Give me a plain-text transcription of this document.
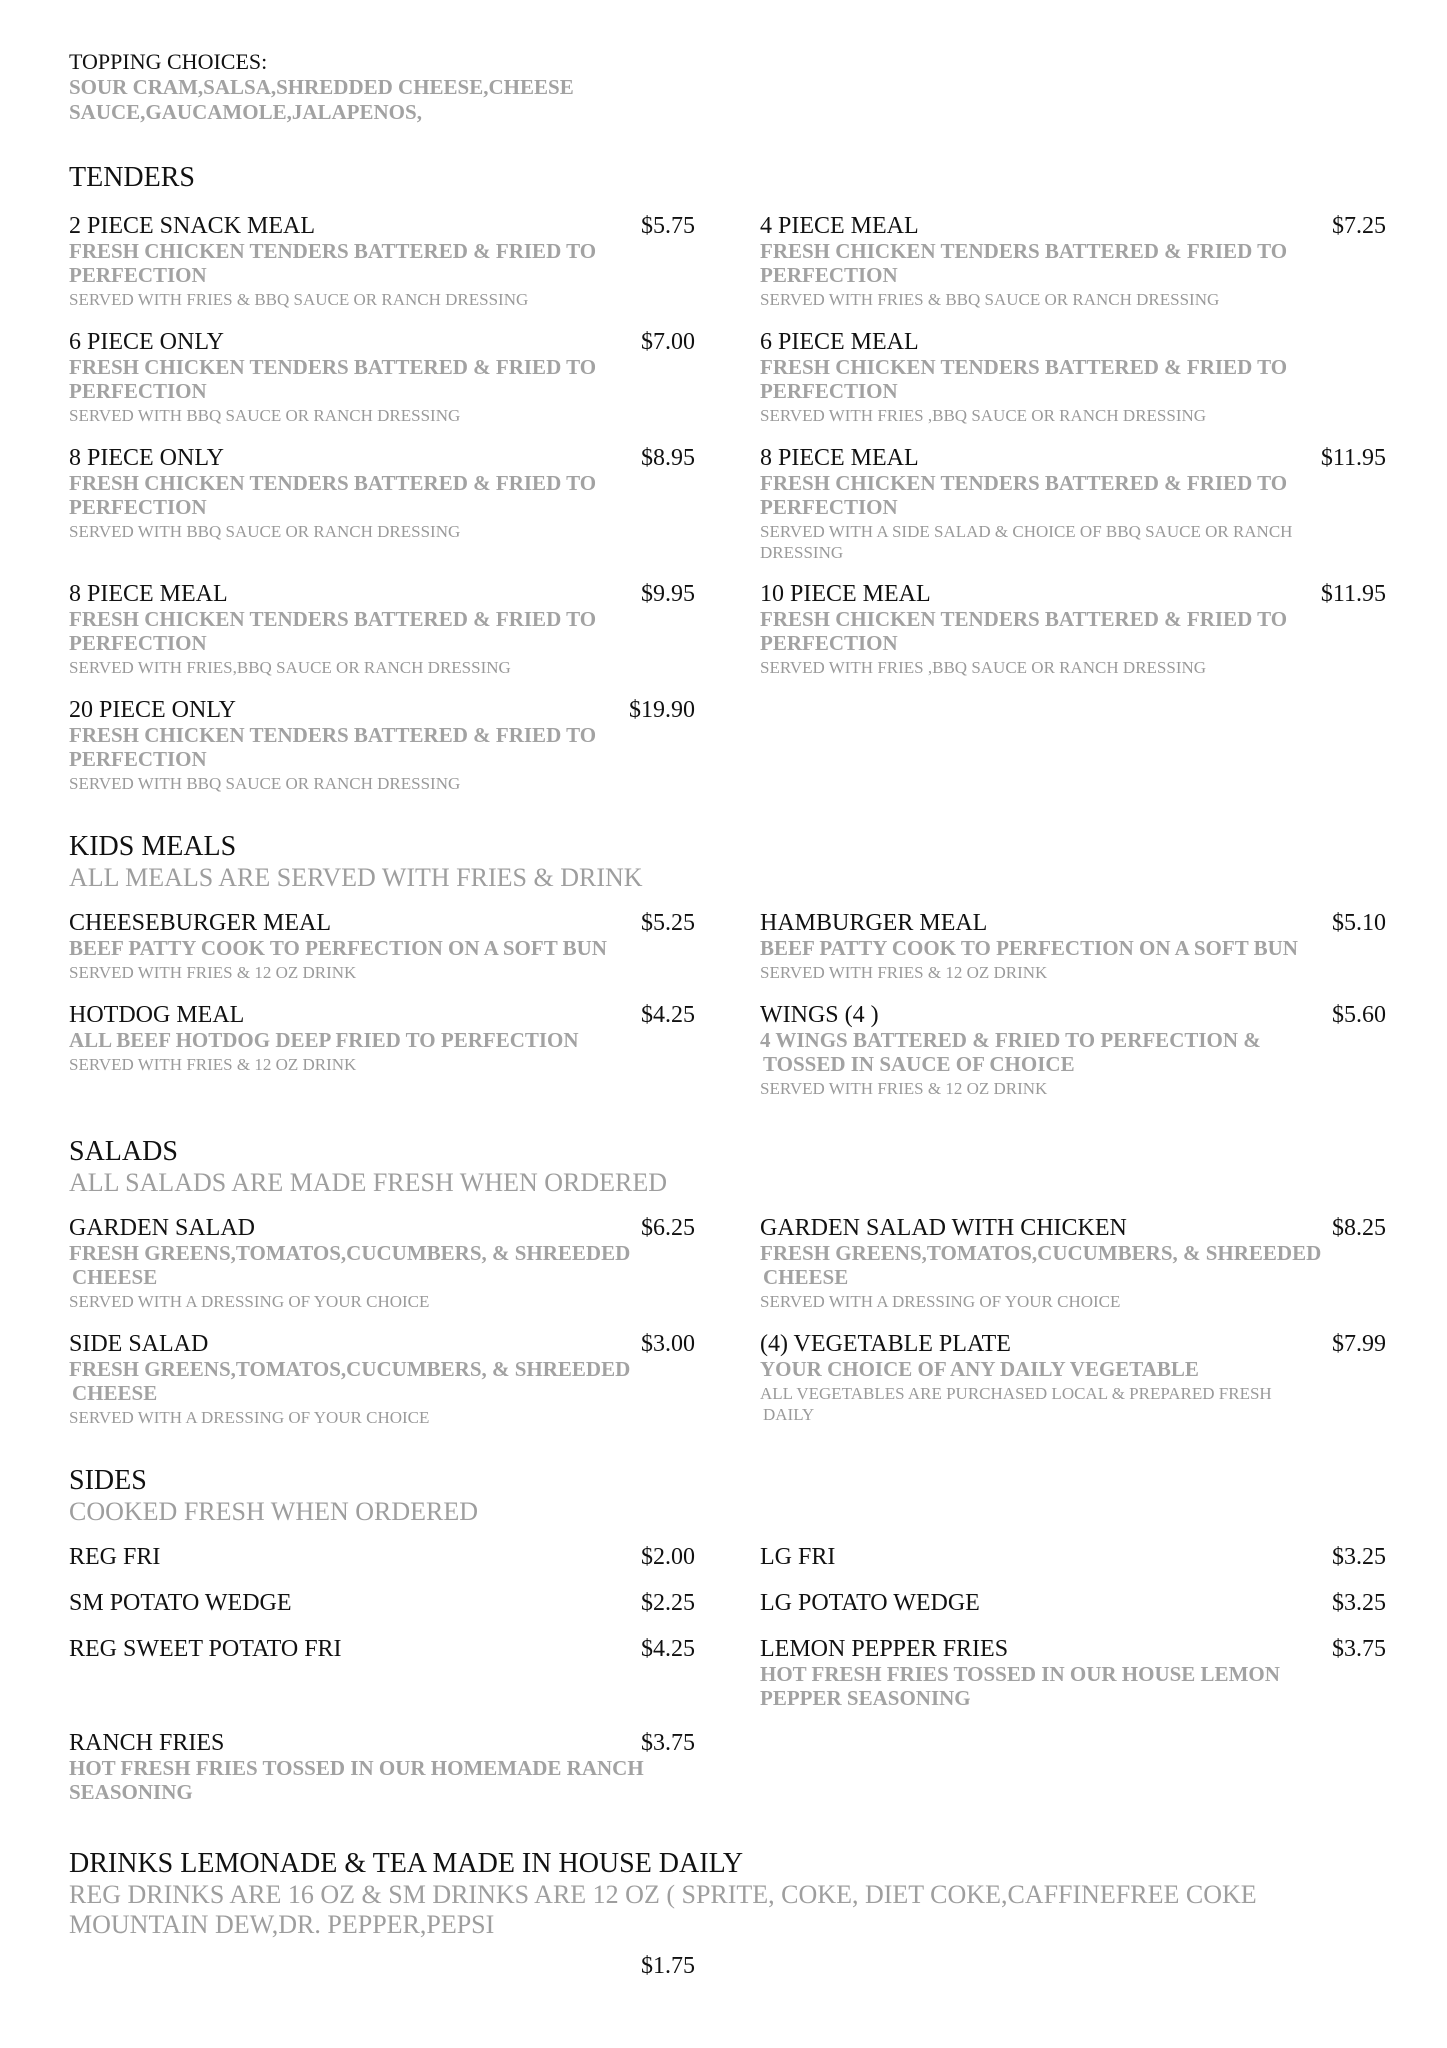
TOPPING CHOICES:
SOUR CRAM,SALSA,SHREDDED CHEESE,CHEESE
SAUCE,GAUCAMOLE,JALAPENOS,
TENDERS
2 PIECE SNACK MEAL	$5.75
FRESH CHICKEN TENDERS BATTERED & FRIED TO
PERFECTION
SERVED WITH FRIES & BBQ SAUCE OR RANCH DRESSING
4 PIECE MEAL	$7.25
FRESH CHICKEN TENDERS BATTERED & FRIED TO
PERFECTION
SERVED WITH FRIES & BBQ SAUCE OR RANCH DRESSING
6 PIECE ONLY	$7.00
FRESH CHICKEN TENDERS BATTERED & FRIED TO
PERFECTION
SERVED WITH BBQ SAUCE OR RANCH DRESSING
6 PIECE MEAL
FRESH CHICKEN TENDERS BATTERED & FRIED TO
PERFECTION
SERVED WITH FRIES ,BBQ SAUCE OR RANCH DRESSING
8 PIECE ONLY	$8.95
FRESH CHICKEN TENDERS BATTERED & FRIED TO
PERFECTION
SERVED WITH BBQ SAUCE OR RANCH DRESSING
8 PIECE MEAL	$11.95
FRESH CHICKEN TENDERS BATTERED & FRIED TO
PERFECTION
SERVED WITH A SIDE SALAD & CHOICE OF BBQ SAUCE OR RANCH
DRESSING
8 PIECE MEAL	$9.95
FRESH CHICKEN TENDERS BATTERED & FRIED TO
PERFECTION
SERVED WITH FRIES,BBQ SAUCE OR RANCH DRESSING
10 PIECE MEAL	$11.95
FRESH CHICKEN TENDERS BATTERED & FRIED TO
PERFECTION
SERVED WITH FRIES ,BBQ SAUCE OR RANCH DRESSING
20 PIECE ONLY	$19.90
FRESH CHICKEN TENDERS BATTERED & FRIED TO
PERFECTION
SERVED WITH BBQ SAUCE OR RANCH DRESSING
KIDS MEALS
ALL MEALS ARE SERVED WITH FRIES & DRINK
CHEESEBURGER MEAL	$5.25
BEEF PATTY COOK TO PERFECTION ON A SOFT BUN
SERVED WITH FRIES & 12 OZ DRINK
HAMBURGER MEAL	$5.10
BEEF PATTY COOK TO PERFECTION ON A SOFT BUN
SERVED WITH FRIES & 12 OZ DRINK
HOTDOG MEAL	$4.25
ALL BEEF HOTDOG DEEP FRIED TO PERFECTION
SERVED WITH FRIES & 12 OZ DRINK
WINGS (4 )	$5.60
4 WINGS BATTERED & FRIED TO PERFECTION &
TOSSED IN SAUCE OF CHOICE
SERVED WITH FRIES & 12 OZ DRINK
SALADS
ALL SALADS ARE MADE FRESH WHEN ORDERED
GARDEN SALAD	$6.25
FRESH GREENS,TOMATOS,CUCUMBERS, & SHREEDED
CHEESE
SERVED WITH A DRESSING OF YOUR CHOICE
GARDEN SALAD WITH CHICKEN	$8.25
FRESH GREENS,TOMATOS,CUCUMBERS, & SHREEDED
CHEESE
SERVED WITH A DRESSING OF YOUR CHOICE
SIDE SALAD	$3.00
FRESH GREENS,TOMATOS,CUCUMBERS, & SHREEDED
CHEESE
SERVED WITH A DRESSING OF YOUR CHOICE
(4) VEGETABLE PLATE	$7.99
YOUR CHOICE OF ANY DAILY VEGETABLE
ALL VEGETABLES ARE PURCHASED LOCAL & PREPARED FRESH
DAILY
SIDES
COOKED FRESH WHEN ORDERED
REG FRI	$2.00	LG FRI	$3.25
SM POTATO WEDGE	$2.25	LG POTATO WEDGE	$3.25
REG SWEET POTATO FRI	$4.25	LEMON PEPPER FRIES	$3.75
HOT FRESH FRIES TOSSED IN OUR HOUSE LEMON
PEPPER SEASONING
RANCH FRIES	$3.75
HOT FRESH FRIES TOSSED IN OUR HOMEMADE RANCH
SEASONING
DRINKS LEMONADE & TEA MADE IN HOUSE DAILY
REG DRINKS ARE 16 OZ & SM DRINKS ARE 12 OZ ( SPRITE, COKE, DIET COKE,CAFFINEFREE COKE
MOUNTAIN DEW,DR. PEPPER,PEPSI
$1.75
